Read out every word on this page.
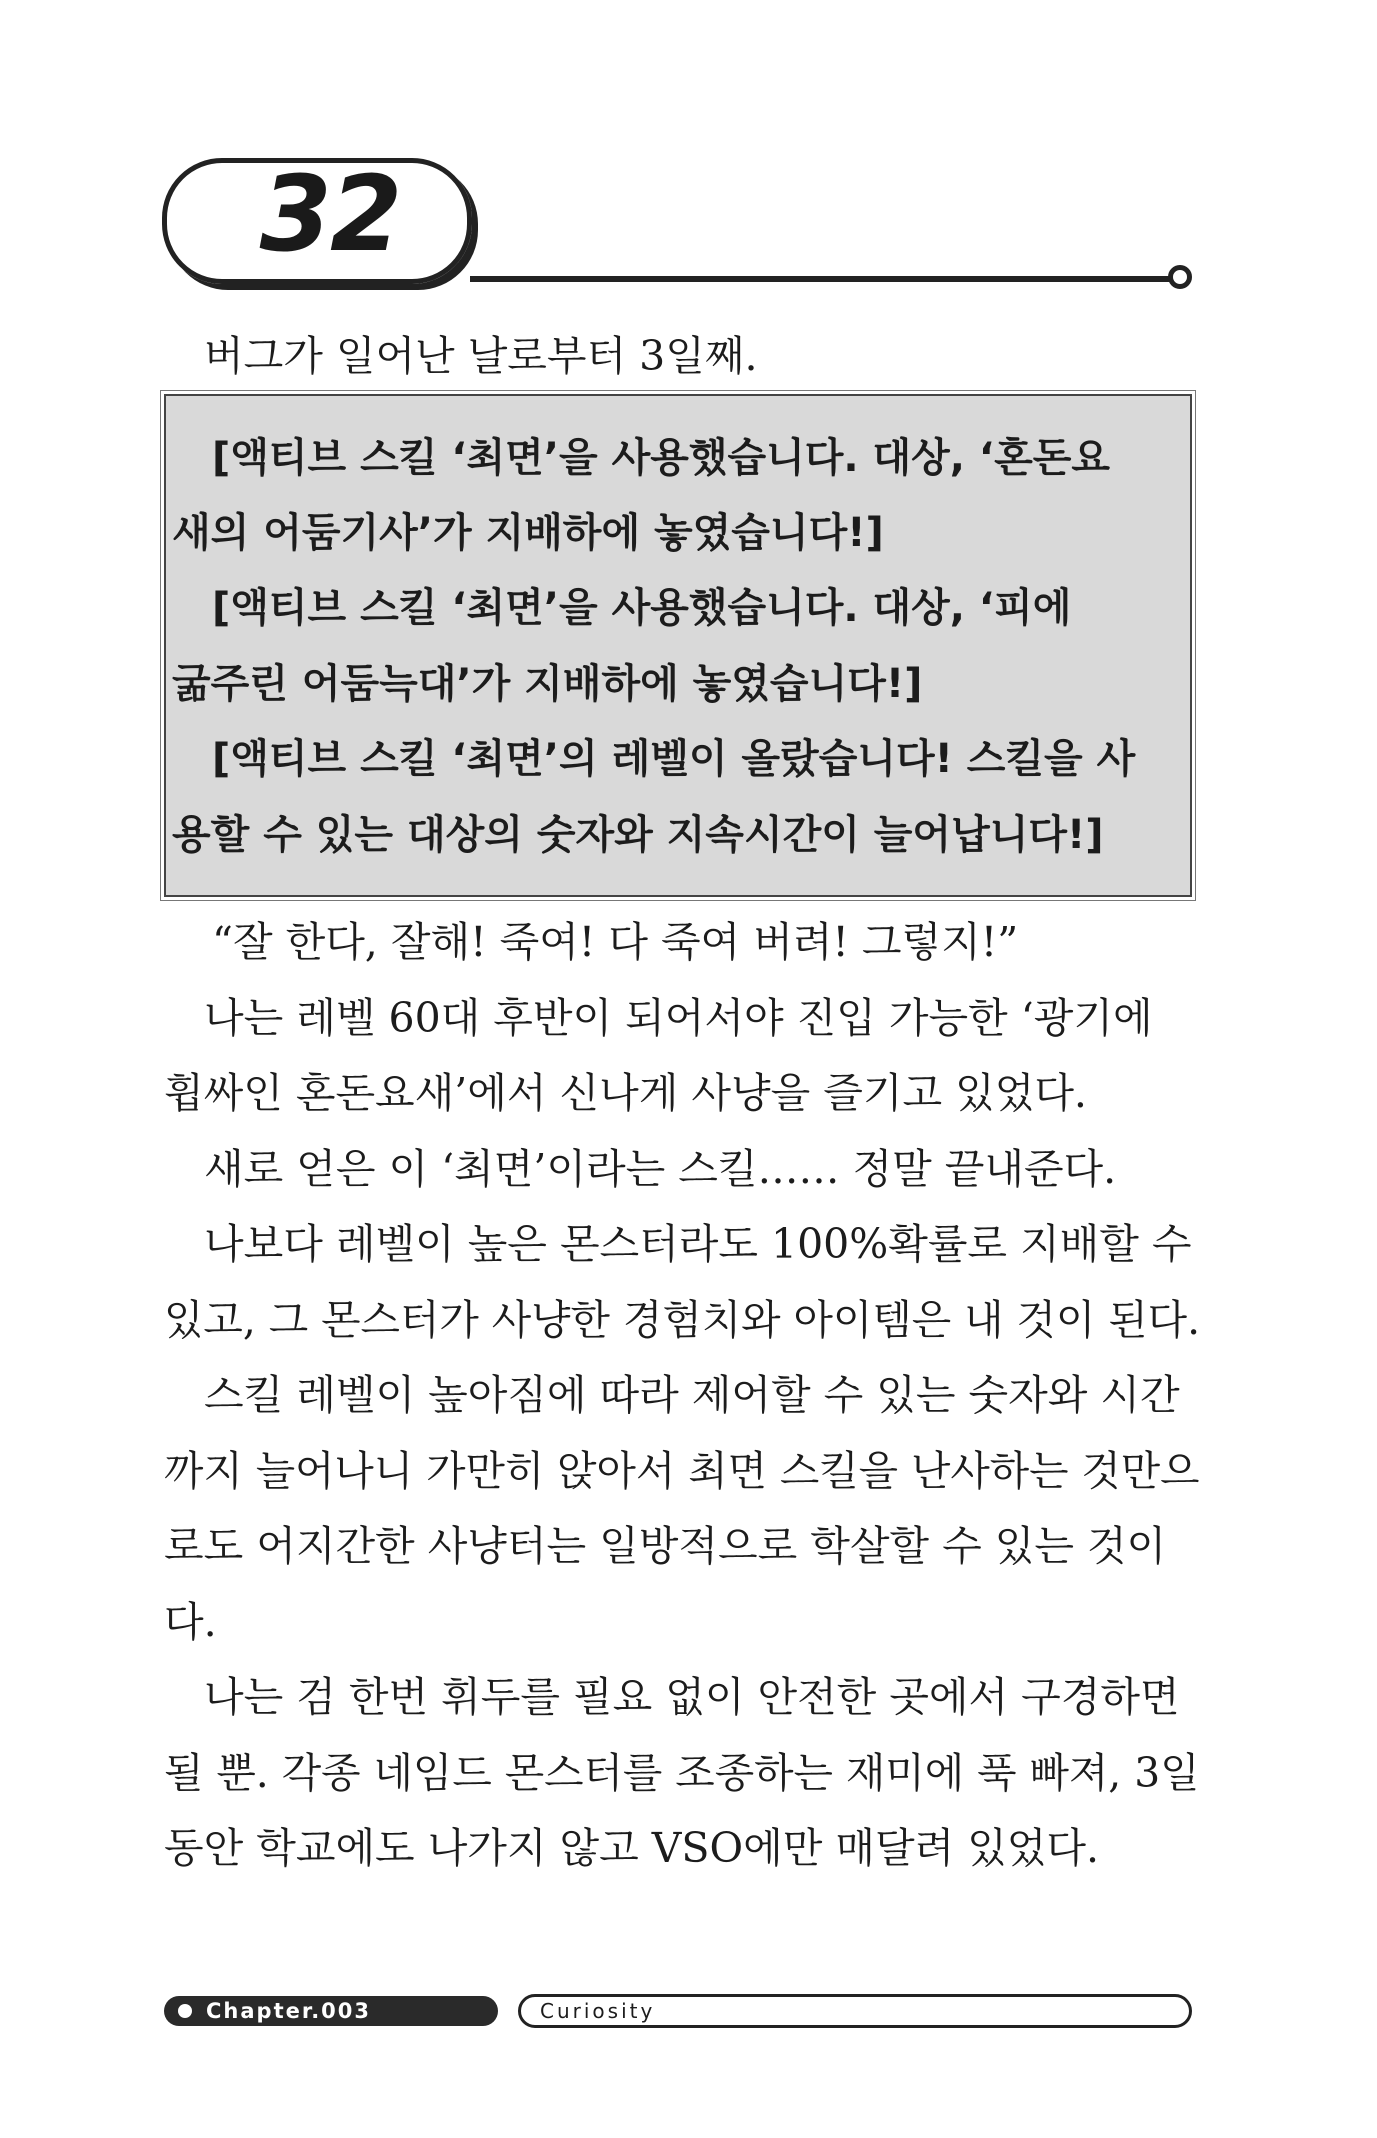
32
버그가 일어난 날로부터 3일째.
[액티브 스킬 ‘최면’을 사용했습니다. 대상, ‘혼돈요
새의 어둠기사’가 지배하에 놓였습니다!]
[액티브 스킬 ‘최면’을 사용했습니다. 대상, ‘피에
굶주린 어둠늑대’가 지배하에 놓였습니다!]
[액티브 스킬 ‘최면’의 레벨이 올랐습니다! 스킬을 사
용할 수 있는 대상의 숫자와 지속시간이 늘어납니다!]
“잘 한다, 잘해! 죽여! 다 죽여 버려! 그렇지!”
나는 레벨 60대 후반이 되어서야 진입 가능한 ‘광기에
휩싸인 혼돈요새’에서 신나게 사냥을 즐기고 있었다.
새로 얻은 이 ‘최면’이라는 스킬…… 정말 끝내준다.
나보다 레벨이 높은 몬스터라도 100%확률로 지배할 수
있고, 그 몬스터가 사냥한 경험치와 아이템은 내 것이 된다.
스킬 레벨이 높아짐에 따라 제어할 수 있는 숫자와 시간
까지 늘어나니 가만히 앉아서 최면 스킬을 난사하는 것만으
로도 어지간한 사냥터는 일방적으로 학살할 수 있는 것이
다.
나는 검 한번 휘두를 필요 없이 안전한 곳에서 구경하면
될 뿐. 각종 네임드 몬스터를 조종하는 재미에 푹 빠져, 3일
동안 학교에도 나가지 않고 VSO에만 매달려 있었다.
Chapter.003	Curiosity
